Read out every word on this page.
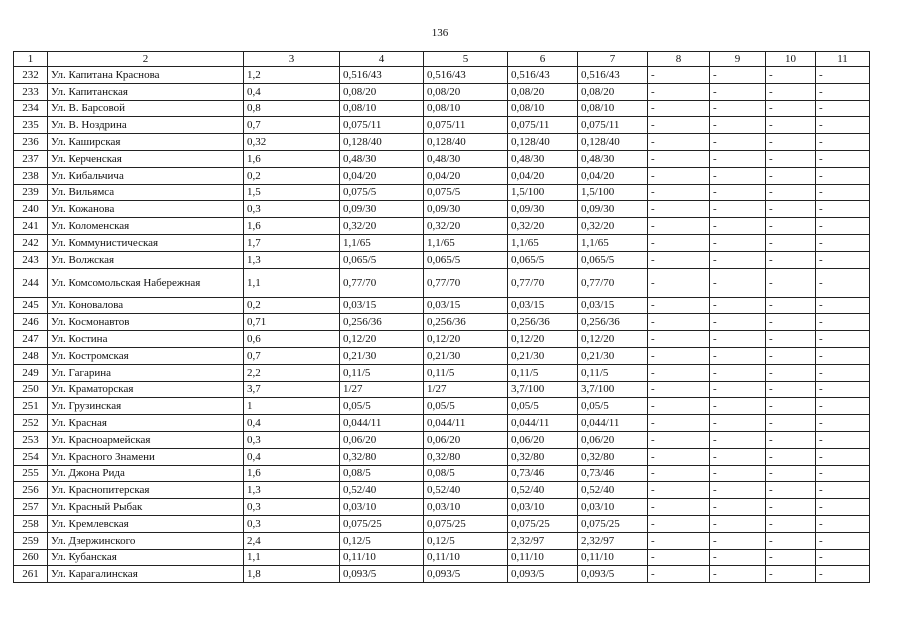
136
1	2	3	4	5	6	7	8	9	10	11
232	Ул. Капитана Краснова	1,2	0,516/43	0,516/43	0,516/43	0,516/43	-	-	-	-
233	Ул. Капитанская	0,4	0,08/20	0,08/20	0,08/20	0,08/20	-	-	-	-
234	Ул. В. Барсовой	0,8	0,08/10	0,08/10	0,08/10	0,08/10	-	-	-	-
235	Ул. В. Ноздрина	0,7	0,075/11	0,075/11	0,075/11	0,075/11	-	-	-	-
236	Ул. Каширская	0,32	0,128/40	0,128/40	0,128/40	0,128/40	-	-	-	-
237	Ул. Керченская	1,6	0,48/30	0,48/30	0,48/30	0,48/30	-	-	-	-
238	Ул. Кибальчича	0,2	0,04/20	0,04/20	0,04/20	0,04/20	-	-	-	-
239	Ул. Вильямса	1,5	0,075/5	0,075/5	1,5/100	1,5/100	-	-	-	-
240	Ул. Кожанова	0,3	0,09/30	0,09/30	0,09/30	0,09/30	-	-	-	-
241	Ул. Коломенская	1,6	0,32/20	0,32/20	0,32/20	0,32/20	-	-	-	-
242	Ул. Коммунистическая	1,7	1,1/65	1,1/65	1,1/65	1,1/65	-	-	-	-
243	Ул. Волжская	1,3	0,065/5	0,065/5	0,065/5	0,065/5	-	-	-	-
244	Ул. Комсомольская Набережная	1,1	0,77/70	0,77/70	0,77/70	0,77/70	-	-	-	-
245	Ул. Коновалова	0,2	0,03/15	0,03/15	0,03/15	0,03/15	-	-	-	-
246	Ул. Космонавтов	0,71	0,256/36	0,256/36	0,256/36	0,256/36	-	-	-	-
247	Ул. Костина	0,6	0,12/20	0,12/20	0,12/20	0,12/20	-	-	-	-
248	Ул. Костромская	0,7	0,21/30	0,21/30	0,21/30	0,21/30	-	-	-	-
249	Ул. Гагарина	2,2	0,11/5	0,11/5	0,11/5	0,11/5	-	-	-	-
250	Ул. Краматорская	3,7	1/27	1/27	3,7/100	3,7/100	-	-	-	-
251	Ул. Грузинская	1	0,05/5	0,05/5	0,05/5	0,05/5	-	-	-	-
252	Ул. Красная	0,4	0,044/11	0,044/11	0,044/11	0,044/11	-	-	-	-
253	Ул. Красноармейская	0,3	0,06/20	0,06/20	0,06/20	0,06/20	-	-	-	-
254	Ул. Красного Знамени	0,4	0,32/80	0,32/80	0,32/80	0,32/80	-	-	-	-
255	Ул. Джона Рида	1,6	0,08/5	0,08/5	0,73/46	0,73/46	-	-	-	-
256	Ул. Краснопитерская	1,3	0,52/40	0,52/40	0,52/40	0,52/40	-	-	-	-
257	Ул. Красный Рыбак	0,3	0,03/10	0,03/10	0,03/10	0,03/10	-	-	-	-
258	Ул. Кремлевская	0,3	0,075/25	0,075/25	0,075/25	0,075/25	-	-	-	-
259	Ул. Дзержинского	2,4	0,12/5	0,12/5	2,32/97	2,32/97	-	-	-	-
260	Ул. Кубанская	1,1	0,11/10	0,11/10	0,11/10	0,11/10	-	-	-	-
261	Ул. Карагалинская	1,8	0,093/5	0,093/5	0,093/5	0,093/5	-	-	-	-
